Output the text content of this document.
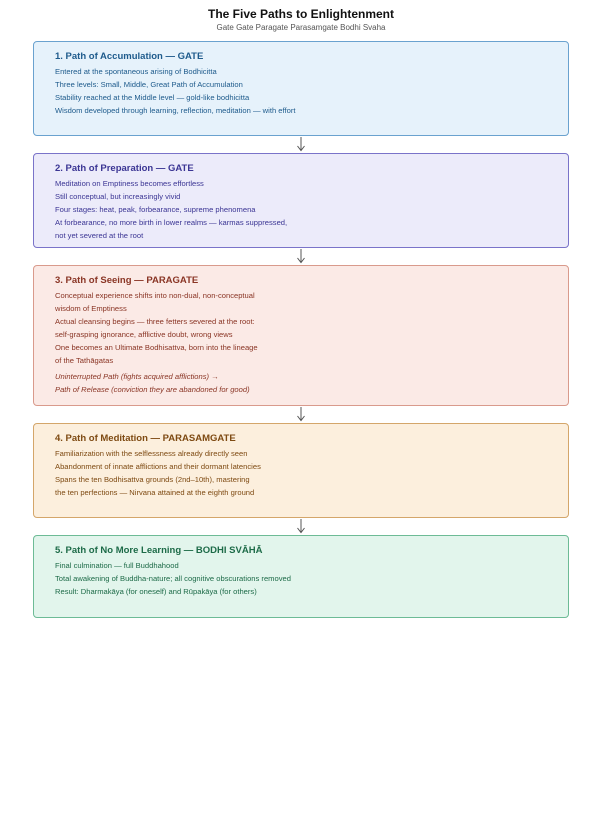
The Five Paths to Enlightenment
Gate Gate Paragate Parasamgate Bodhi Svaha
1. Path of Accumulation — GATE
Entered at the spontaneous arising of Bodhicitta
Three levels: Small, Middle, Great Path of Accumulation
Stability reached at the Middle level — gold-like bodhicitta
Wisdom developed through learning, reflection, meditation — with effort
2. Path of Preparation — GATE
Meditation on Emptiness becomes effortless
Still conceptual, but increasingly vivid
Four stages: heat, peak, forbearance, supreme phenomena
At forbearance, no more birth in lower realms — karmas suppressed,
not yet severed at the root
3. Path of Seeing — PARAGATE
Conceptual experience shifts into non-dual, non-conceptual
wisdom of Emptiness
Actual cleansing begins — three fetters severed at the root:
self-grasping ignorance, afflictive doubt, wrong views
One becomes an Ultimate Bodhisattva, born into the lineage
of the Tathāgatas
Uninterrupted Path (fights acquired afflictions) →
Path of Release (conviction they are abandoned for good)
4. Path of Meditation — PARASAMGATE
Familiarization with the selflessness already directly seen
Abandonment of innate afflictions and their dormant latencies
Spans the ten Bodhisattva grounds (2nd–10th), mastering
the ten perfections — Nirvana attained at the eighth ground
5. Path of No More Learning — BODHI SVĀHĀ
Final culmination — full Buddhahood
Total awakening of Buddha-nature; all cognitive obscurations removed
Result: Dharmakāya (for oneself) and Rūpakāya (for others)
